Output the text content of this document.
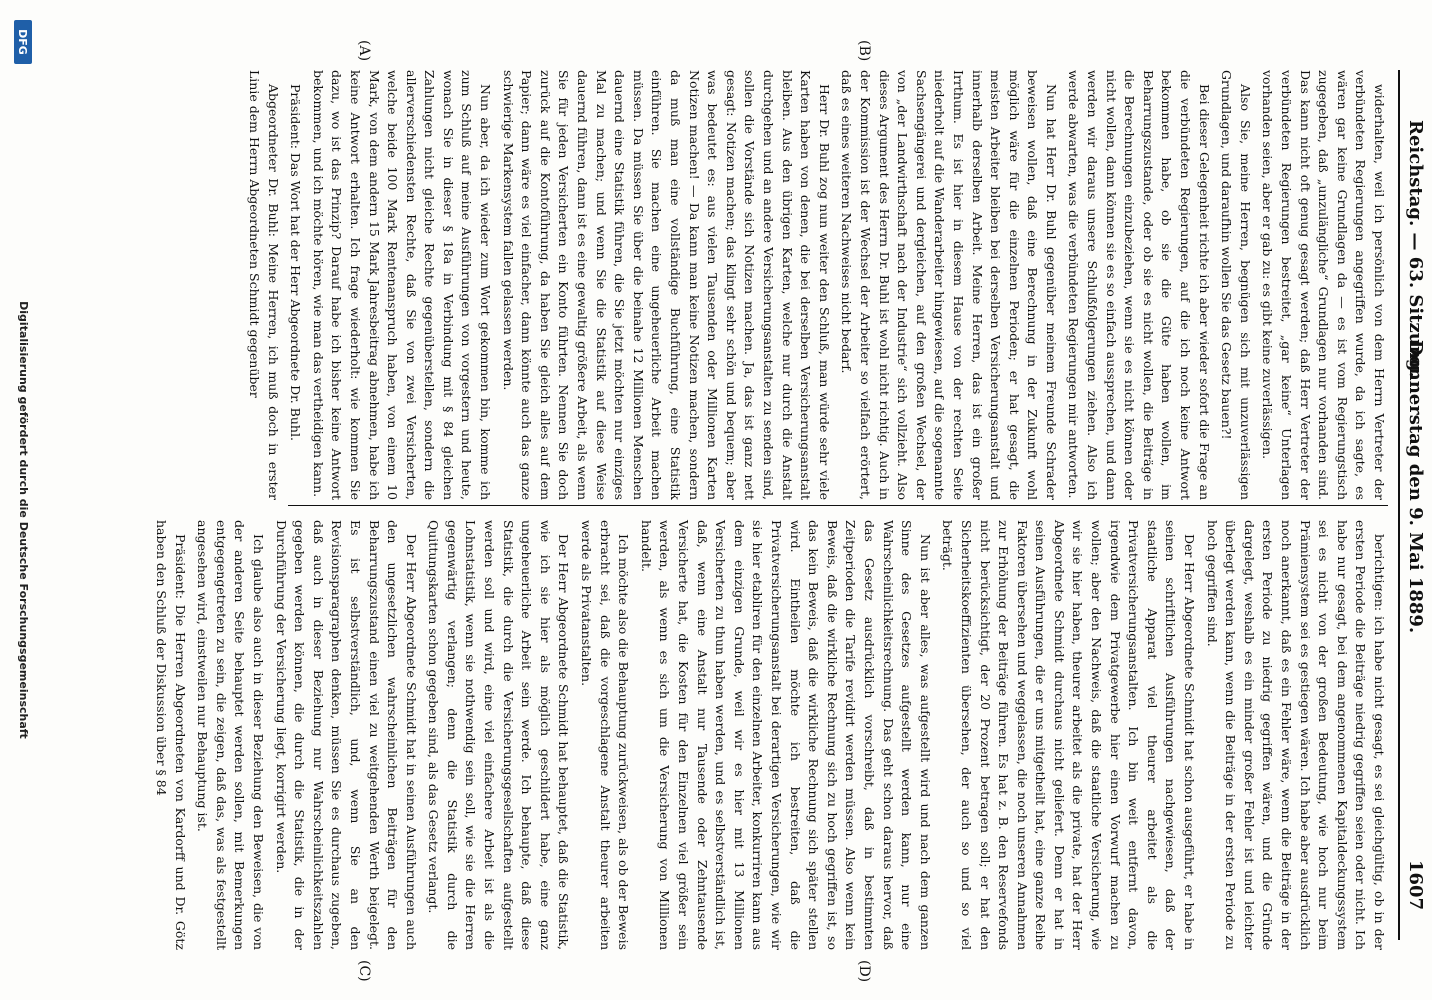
Reichstag. — 63. Sitzung.
Donnerstag den 9. Mai 1889.
1607
(A)	(B)
(C)	(D)

widerhalten, weil ich persönlich von dem Herrn Vertreter der verbündeten Regierungen angegriffen wurde, da ich sagte, es wären gar keine Grundlagen da — es ist vom Regierungstisch zugegeben, daß „unzulängliche“ Grundlagen nur vorhanden sind. Das kann nicht oft genug gesagt werden; daß Herr Vertreter der verbündeten Regierungen bestreitet, „gar keine“ Unterlagen vorhanden seien, aber er gab zu: es gibt keine zuverlässigen.

Also Sie, meine Herren, begnügen sich mit unzuverlässigen Grundlagen, und daraufhin wollen Sie das Gesetz bauen?!

Bei dieser Gelegenheit richte ich aber wieder sofort die Frage an die verbündeten Regierungen, auf die ich noch keine Antwort bekommen habe, ob sie die Güte haben wollen, im Beharrungszustande, oder ob sie es nicht wollen, die Beiträge in die Berechnungen einzubeziehen, wenn sie es nicht können oder nicht wollen, dann können sie es so einfach aussprechen, und dann werden wir daraus unsere Schlußfolgerungen ziehen. Also ich werde abwarten, was die verbündeten Regierungen mir antworten.

Nun hat Herr Dr. Buhl gegenüber meinem Freunde Schrader beweisen wollen, daß eine Berechnung in der Zukunft wohl möglich wäre für die einzelnen Perioden; er hat gesagt, die meisten Arbeiter bleiben bei derselben Versicherungsanstalt und innerhalb derselben Arbeit. Meine Herren, das ist ein großer Irrthum. Es ist hier in diesem Hause von der rechten Seite niederholt auf die Wanderarbeiter hingewiesen, auf die sogenannte Sachsengängerei und dergleichen, auf den großen Wechsel, der von „der Landwirthschaft nach der Industrie“ sich vollzieht. Also dieses Argument des Herrn Dr. Buhl ist wohl nicht richtig. Auch in der Kommission ist der Wechsel der Arbeiter so vielfach erörtert, daß es eines weiteren Nachweises nicht bedarf.

Herr Dr. Buhl zog nun weiter den Schluß, man würde sehr viele Karten haben von denen, die bei derselben Versicherungsanstalt bleiben. Aus den übrigen Karten, welche nur durch die Anstalt durchgehen und an andere Versicherungsanstalten zu senden sind, sollen die Vorstände sich Notizen machen. Ja, das ist ganz nett gesagt: Notizen machen; das klingt sehr schön und bequem; aber was bedeutet es: aus vielen Tausenden oder Millionen Karten Notizen machen! — Da kann man keine Notizen machen, sondern da muß man eine vollständige Buchführung, eine Statistik einführen. Sie machen eine ungeheuerliche Arbeit machen müssen. Da müssen Sie über die beinahe 12 Millionen Menschen dauernd eine Statistik führen, die Sie jetzt möchten nur einziges Mal zu machen; und wenn Sie die Statistik auf diese Weise dauernd führen, dann ist es eine gewaltig größere Arbeit, als wenn Sie für jeden Versicherten ein Konto führten. Nennen Sie doch zurück auf die Kontoführung, da haben Sie gleich alles auf dem Papier; dann wäre es viel einfacher, dann könnte auch das ganze schwierige Markensystem fallen gelassen werden.

Nun aber, da ich wieder zum Wort gekommen bin, komme ich zum Schluß auf meine Ausführungen von vorgestern und heute, wonach Sie in dieser § 18a in Verbindung mit § 84 gleichen Zahlungen nicht gleiche Rechte gegenüberstellen, sondern die allerverschiedensten Rechte, daß Sie von zwei Versicherten, welche beide 100 Mark Rentenanspruch haben, von einem 10 Mark, von dem andern 15 Mark Jahresbeitrag abnehmen, habe ich keine Antwort erhalten. Ich frage wiederholt: wie kommen Sie dazu, wo ist das Prinzip? Darauf habe ich bisher keine Antwort bekommen, und ich möchte hören, wie man das vertheidigen kann.

Präsident: Das Wort hat der Herr Abgeordnete Dr. Buhl.

Abgeordneter Dr. Buhl: Meine Herren, ich muß doch in erster Linie dem Herrn Abgeordneten Schmidt gegenüber

berichtigen: ich habe nicht gesagt, es sei gleichgültig, ob in der ersten Periode die Beiträge niedrig gegriffen seien oder nicht. Ich habe nur gesagt, bei dem angenommenen Kapitaldeckungssystem sei es nicht von der großen Bedeutung, wie hoch nur beim Prämiensystem sei es gestiegen wären. Ich habe aber ausdrücklich noch anerkannt, daß es ein Fehler wäre, wenn die Beiträge in der ersten Periode zu niedrig gegriffen wären, und die Gründe dargelegt, weshalb es ein minder großer Fehler ist und leichter überlegt werden kann, wenn die Beiträge in der ersten Periode zu hoch gegriffen sind.

Der Herr Abgeordnete Schmidt hat schon ausgeführt, er habe in seinen schriftlichen Ausführungen nachgewiesen, daß der staatliche Apparat viel theurer arbeitet als die Privatversicherungsanstalten. Ich bin weit entfernt davon, irgendwie dem Privatgewerbe hier einen Vorwurf machen zu wollen; aber den Nachweis, daß die staatliche Versicherung, wie wir sie hier haben, theurer arbeitet als die private, hat der Herr Abgeordnete Schmidt durchaus nicht geliefert. Denn er hat in seinen Ausführungen, die er uns mitgetheilt hat, eine ganze Reihe Faktoren übersehen und weggelassen, die noch unseren Annahmen zur Erhöhung der Beiträge führen. Es hat z. B. den Reservefonds nicht berücksichtigt, der 20 Prozent betragen soll; er hat den Sicherheitskoeffizienten übersehen, der auch so und so viel beträgt.

Nun ist aber alles, was aufgestellt wird und nach dem ganzen Sinne des Gesetzes aufgestellt werden kann, nur eine Wahrscheinlichkeitsrechnung. Das geht schon daraus hervor, daß das Gesetz ausdrücklich vorschreibt, daß in bestimmten Zeitperioden die Tarife revidirt werden müssen. Also wenn kein Beweis, daß die wirkliche Rechnung sich zu hoch gegriffen ist, so das kein Beweis, daß die wirkliche Rechnung sich später stellen wird. Eintheilen möchte ich bestreiten, daß die Privatversicherungsanstalt bei derartigen Versicherungen, wie wir sie hier etabliren für den einzelnen Arbeiter, konkurriren kann aus dem einzigen Grunde, weil wir es hier mit 13 Millionen Versicherten zu thun haben werden, und es selbstverständlich ist, daß, wenn eine Anstalt nur Tausende oder Zehntausende Versicherte hat, die Kosten für den Einzelnen viel größer sein werden, als wenn es sich um die Versicherung von Millionen handelt.

Ich möchte also die Behauptung zurückweisen, als ob der Beweis erbracht sei, daß die vorgeschlagene Anstalt theurer arbeiten werde als Privatanstalten.

Der Herr Abgeordnete Schmidt hat behauptet, daß die Statistik, wie ich sie hier als möglich geschildert habe, eine ganz ungeheuerliche Arbeit sein werde. Ich behaupte, daß diese Statistik, die durch die Versicherungsgesellschaften aufgestellt werden soll und wird, eine viel einfachere Arbeit ist als die Lohnstatistik, wenn sie nothwendig sein soll, wie sie die Herren gegenwärtig verlangen; denn die Statistik durch die Quittungskarten schon gegeben sind, als das Gesetz verlangt.

Der Herr Abgeordnete Schmidt hat in seinen Ausführungen auch den ungesetzlichen wahrscheinlichen Beiträgen für den Beharrungszustand einen viel zu weitgehenden Werth beigelegt. Es ist selbstverständlich, und, wenn Sie an den Revisionsparagraphen denken, müssen Sie es durchaus zugeben, daß auch in dieser Beziehung nur Wahrscheinlichkeitszahlen gegeben werden können, die durch die Statistik, die in der Durchführung der Versicherung liegt, korrigirt werden.

Ich glaube also auch in dieser Beziehung den Beweisen, die von der anderen Seite behauptet werden sollen, mit Bemerkungen entgegengetreten zu sein, die zeigen, daß das, was als festgestellt angesehen wird, einstweilen nur Behauptung ist.

Präsident: Die Herren Abgeordneten von Kardorff und Dr. Götz haben den Schluß der Diskussion über § 84

DFG
Digitalisierung gefördert durch die Deutsche Forschungsgemeinschaft
